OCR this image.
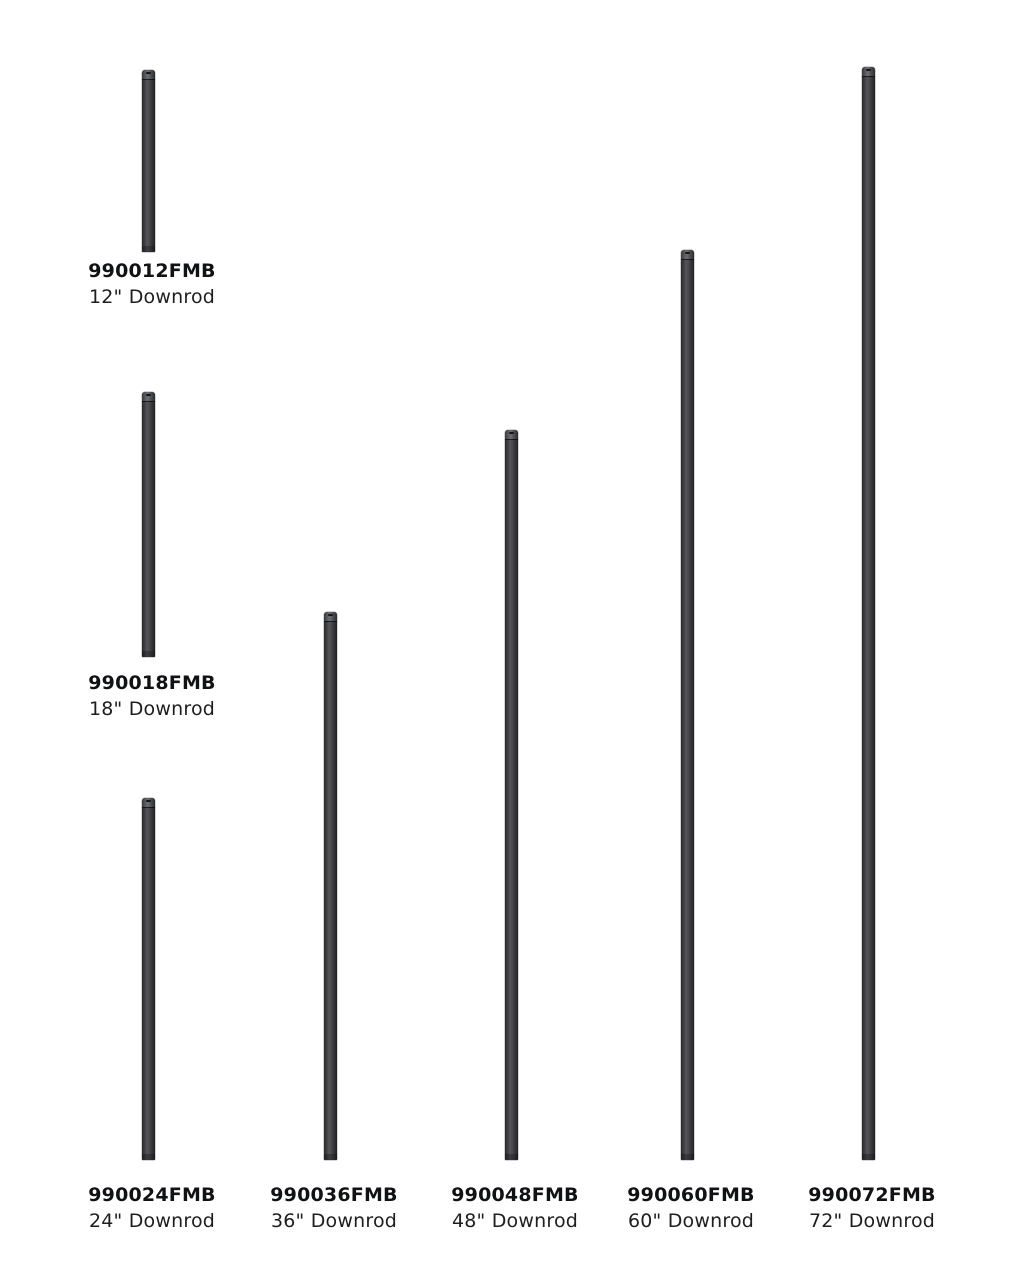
990012FMB
12" Downrod
990018FMB
18" Downrod
990024FMB
24" Downrod
990036FMB
36" Downrod
990048FMB
48" Downrod
990060FMB
60" Downrod
990072FMB
72" Downrod
